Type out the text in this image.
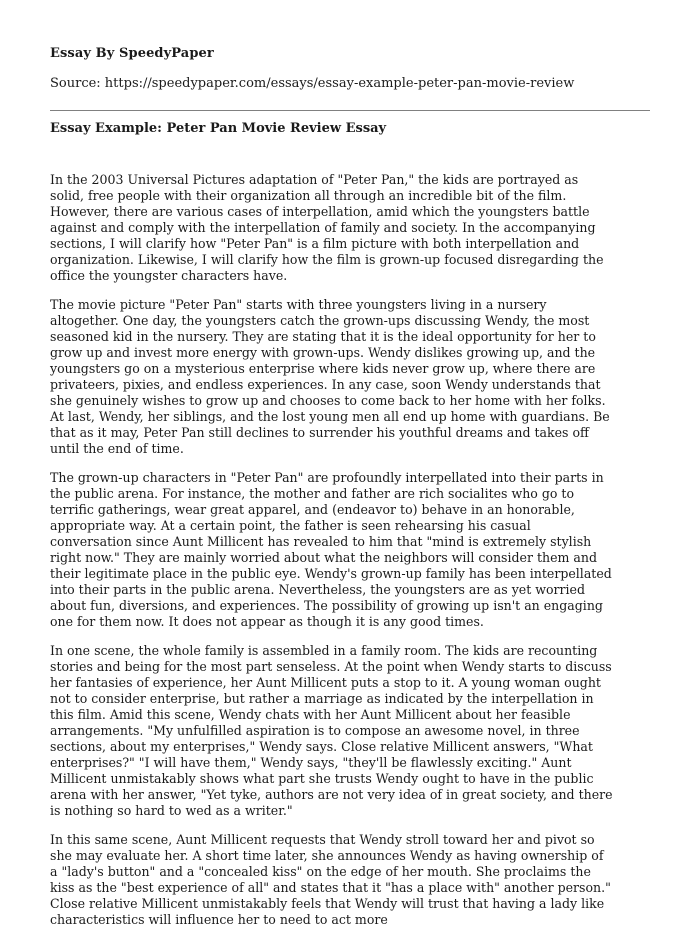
Essay By SpeedyPaper
Source: https://speedypaper.com/essays/essay-example-peter-pan-movie-review
Essay Example: Peter Pan Movie Review Essay

In the 2003 Universal Pictures adaptation of "Peter Pan," the kids are portrayed as solid, free people with their organization all through an incredible bit of the film. However, there are various cases of interpellation, amid which the youngsters battle against and comply with the interpellation of family and society. In the accompanying sections, I will clarify how "Peter Pan" is a film picture with both interpellation and organization. Likewise, I will clarify how the film is grown-up focused disregarding the office the youngster characters have.

The movie picture "Peter Pan" starts with three youngsters living in a nursery altogether. One day, the youngsters catch the grown-ups discussing Wendy, the most seasoned kid in the nursery. They are stating that it is the ideal opportunity for her to grow up and invest more energy with grown-ups. Wendy dislikes growing up, and the youngsters go on a mysterious enterprise where kids never grow up, where there are privateers, pixies, and endless experiences. In any case, soon Wendy understands that she genuinely wishes to grow up and chooses to come back to her home with her folks. At last, Wendy, her siblings, and the lost young men all end up home with guardians. Be that as it may, Peter Pan still declines to surrender his youthful dreams and takes off until the end of time.

The grown-up characters in "Peter Pan" are profoundly interpellated into their parts in the public arena. For instance, the mother and father are rich socialites who go to terrific gatherings, wear great apparel, and (endeavor to) behave in an honorable, appropriate way. At a certain point, the father is seen rehearsing his casual conversation since Aunt Millicent has revealed to him that "mind is extremely stylish right now." They are mainly worried about what the neighbors will consider them and their legitimate place in the public eye. Wendy's grown-up family has been interpellated into their parts in the public arena. Nevertheless, the youngsters are as yet worried about fun, diversions, and experiences. The possibility of growing up isn't an engaging one for them now. It does not appear as though it is any good times.

In one scene, the whole family is assembled in a family room. The kids are recounting stories and being for the most part senseless. At the point when Wendy starts to discuss her fantasies of experience, her Aunt Millicent puts a stop to it. A young woman ought not to consider enterprise, but rather a marriage as indicated by the interpellation in this film. Amid this scene, Wendy chats with her Aunt Millicent about her feasible arrangements. "My unfulfilled aspiration is to compose an awesome novel, in three sections, about my enterprises," Wendy says. Close relative Millicent answers, "What enterprises?" "I will have them," Wendy says, "they'll be flawlessly exciting." Aunt Millicent unmistakably shows what part she trusts Wendy ought to have in the public arena with her answer, "Yet tyke, authors are not very idea of in great society, and there is nothing so hard to wed as a writer."

In this same scene, Aunt Millicent requests that Wendy stroll toward her and pivot so she may evaluate her. A short time later, she announces Wendy as having ownership of a "lady's button" and a "concealed kiss" on the edge of her mouth. She proclaims the kiss as the "best experience of all" and states that it "has a place with" another person." Close relative Millicent unmistakably feels that Wendy will trust that having a lady like characteristics will influence her to need to act more
